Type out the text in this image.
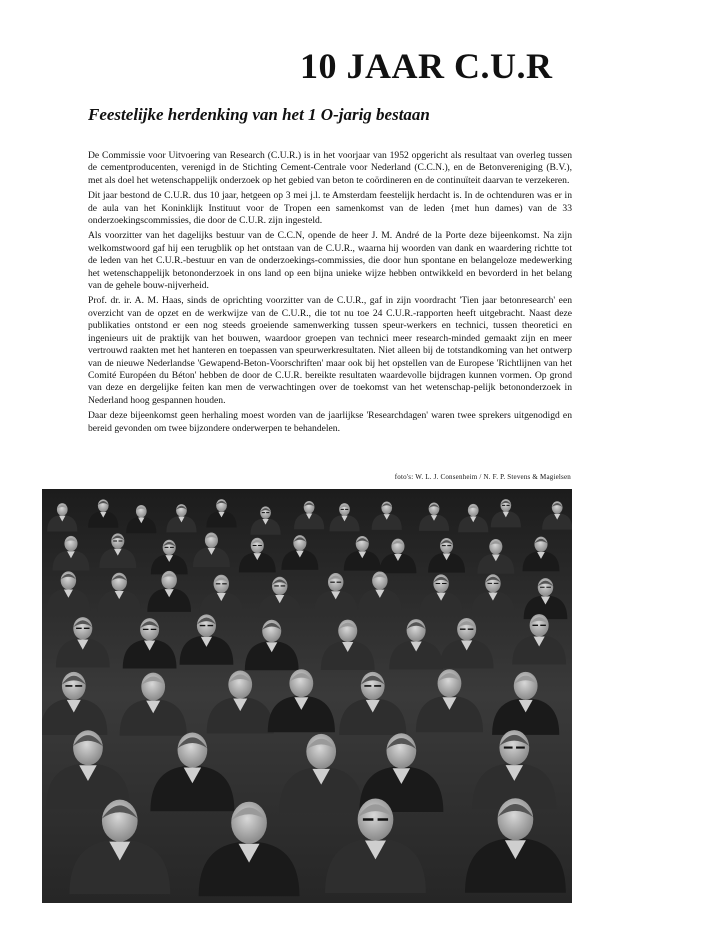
10 JAAR C.U.R
Feestelijke herdenking van het 1 O-jarig bestaan

De Commissie voor Uitvoering van Research (C.U.R.) is in het voorjaar van 1952 opgericht als resultaat van overleg tussen de cementproducenten, verenigd in de Stichting Cement-Centrale voor Nederland (C.C.N.), en de Betonvereniging (B.V.), met als doel het wetenschappelijk onderzoek op het gebied van beton te coördineren en de continuïteit daarvan te verzekeren.

Dit jaar bestond de C.U.R. dus 10 jaar, hetgeen op 3 mei j.l. te Amsterdam feestelijk herdacht is. In de ochtenduren was er in de aula van het Koninklijk Instituut voor de Tropen een samenkomst van de leden {met hun dames) van de 33 onderzoekingscommissies, die door de C.U.R. zijn ingesteld.

Als voorzitter van het dagelijks bestuur van de C.C.N, opende de heer J. M. André de la Porte deze bijeenkomst. Na zijn welkomstwoord gaf hij een terugblik op het ontstaan van de C.U.R., waarna hij woorden van dank en waardering richtte tot de leden van het C.U.R.-bestuur en van de onderzoekings-commissies, die door hun spontane en belangeloze medewerking het wetenschappelijk betononderzoek in ons land op een bijna unieke wijze hebben ontwikkeld en bevorderd in het belang van de gehele bouw-nijverheid.

Prof. dr. ir. A. M. Haas, sinds de oprichting voorzitter van de C.U.R., gaf in zijn voordracht 'Tien jaar betonresearch' een overzicht van de opzet en de werkwijze van de C.U.R., die tot nu toe 24 C.U.R.-rapporten heeft uitgebracht. Naast deze publikaties ontstond er een nog steeds groeiende samenwerking tussen speur-werkers en technici, tussen theoretici en ingenieurs uit de praktijk van het bouwen, waardoor groepen van technici meer research-minded gemaakt zijn en meer vertrouwd raakten met het hanteren en toepassen van speurwerkresultaten. Niet alleen bij de totstandkoming van het ontwerp van de nieuwe Nederlandse 'Gewapend-Beton-Voorschriften' maar ook bij het opstellen van de Europese 'Richtlijnen van het Comité Européen du Béton' hebben de door de C.U.R. bereikte resultaten waardevolle bijdragen kunnen vormen. Op grond van deze en dergelijke feiten kan men de verwachtingen over de toekomst van het wetenschap-pelijk betononderzoek in Nederland hoog gespannen houden.

Daar deze bijeenkomst geen herhaling moest worden van de jaarlijkse 'Researchdagen' waren twee sprekers uitgenodigd en bereid gevonden om twee bijzondere onderwerpen te behandelen.

foto's: W. L. J. Consenheim / N. F. P. Stevens & Magielsen
